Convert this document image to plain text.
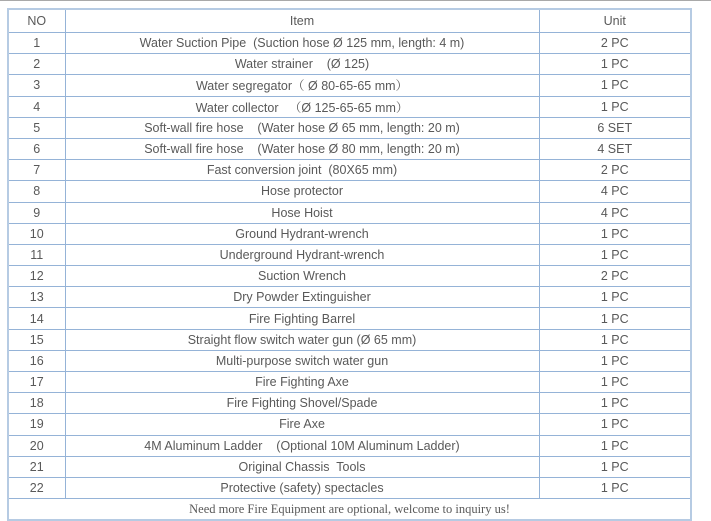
NO	Item	Unit
1	Water Suction Pipe  (Suction hose Ø 125 mm, length: 4 m)	2 PC
2	Water strainer    (Ø 125)	1 PC
3	Water segregator（ Ø 80-65-65 mm）	1 PC
4	Water collector   （Ø 125-65-65 mm）	1 PC
5	Soft-wall fire hose    (Water hose Ø 65 mm, length: 20 m)	6 SET
6	Soft-wall fire hose    (Water hose Ø 80 mm, length: 20 m)	4 SET
7	Fast conversion joint  (80X65 mm)	2 PC
8	Hose protector	4 PC
9	Hose Hoist	4 PC
10	Ground Hydrant-wrench	1 PC
11	Underground Hydrant-wrench	1 PC
12	Suction Wrench	2 PC
13	Dry Powder Extinguisher	1 PC
14	Fire Fighting Barrel	1 PC
15	Straight flow switch water gun (Ø 65 mm)	1 PC
16	Multi-purpose switch water gun	1 PC
17	Fire Fighting Axe	1 PC
18	Fire Fighting Shovel/Spade	1 PC
19	Fire Axe	1 PC
20	4M Aluminum Ladder    (Optional 10M Aluminum Ladder)	1 PC
21	Original Chassis  Tools	1 PC
22	Protective (safety) spectacles	1 PC
Need more Fire Equipment are optional, welcome to inquiry us!		
